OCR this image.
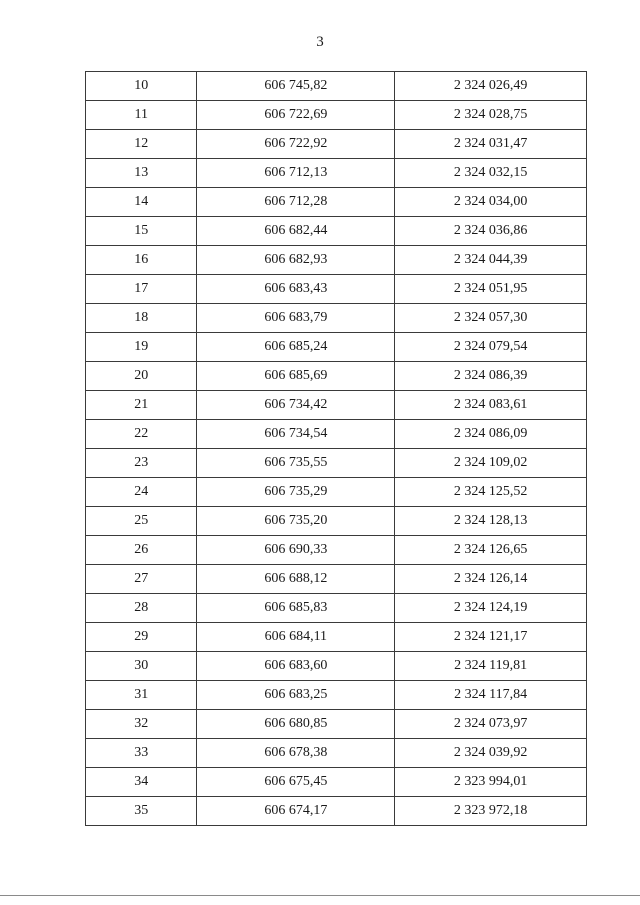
3
10	606 745,82	2 324 026,49
11	606 722,69	2 324 028,75
12	606 722,92	2 324 031,47
13	606 712,13	2 324 032,15
14	606 712,28	2 324 034,00
15	606 682,44	2 324 036,86
16	606 682,93	2 324 044,39
17	606 683,43	2 324 051,95
18	606 683,79	2 324 057,30
19	606 685,24	2 324 079,54
20	606 685,69	2 324 086,39
21	606 734,42	2 324 083,61
22	606 734,54	2 324 086,09
23	606 735,55	2 324 109,02
24	606 735,29	2 324 125,52
25	606 735,20	2 324 128,13
26	606 690,33	2 324 126,65
27	606 688,12	2 324 126,14
28	606 685,83	2 324 124,19
29	606 684,11	2 324 121,17
30	606 683,60	2 324 119,81
31	606 683,25	2 324 117,84
32	606 680,85	2 324 073,97
33	606 678,38	2 324 039,92
34	606 675,45	2 323 994,01
35	606 674,17	2 323 972,18
